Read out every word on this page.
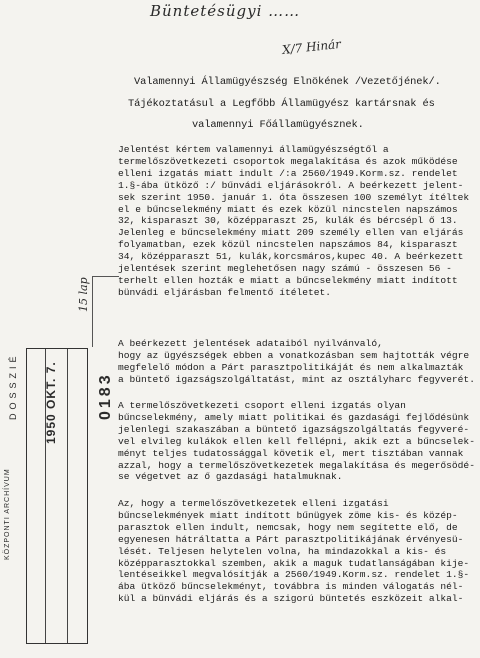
Büntetésügyi ……
X/7 Hinár
Valamennyi Államügyészség Elnökének /Vezetőjének/.
Tájékoztatásul a Legfőbb Államügyész kartársnak és
valamennyi Főállamügyésznek.
Jelentést kértem valamennyi államügyészségtől a
termelőszövetkezeti csoportok megalakítása és azok működése
elleni izgatás miatt indult /:a 2560/1949.Korm.sz. rendelet
1.§-ába ütköző :/ bűnvádi eljárásokról. A beérkezett jelent-
sek szerint 1950. január 1. óta összesen 100 személyt ítéltek
el e bűncselekmény miatt és ezek közül nincstelen napszámos
32, kisparaszt 30, középparaszt 25, kulák és bércsépl ő 13.
Jelenleg e bűncselekmény miatt 209 személy ellen van eljárás
folyamatban, ezek közül nincstelen napszámos 84, kisparaszt
34, középparaszt 51, kulák,korcsmáros,kupec 40. A beérkezett
jelentések szerint meglehetősen nagy számú - összesen 56 -
terhelt ellen hozták e miatt a bűncselekmény miatt indított
bünvádi eljárásban felmentő ítéletet.
A beérkezett jelentések adataiból nyilvánvaló,
hogy az ügyészségek ebben a vonatkozásban sem hajtották végre
megfelelő módon a Párt parasztpolitikáját és nem alkalmazták
a büntető igazságszolgáltatást, mint az osztályharc fegyverét.
A termelőszövetkezeti csoport elleni izgatás olyan
bűncselekmény, amely miatt politikai és gazdasági fejlődésünk
jelenlegi szakaszában a büntető igazságszolgáltatás fegyveré-
vel elvileg kulákok ellen kell fellépni, akik ezt a bűncselek-
ményt teljes tudatossággal követik el, mert tisztában vannak
azzal, hogy a termelőszövetkezetek megalakítása és megerősödé-
se végetvet az ő gazdasági hatalmuknak.
Az, hogy a termelőszövetkezetek elleni izgatási
bűncselekmények miatt indított bűnügyek zöme kis- és közép-
parasztok ellen indult, nemcsak, hogy nem segítette elő, de
egyenesen hátráltatta a Párt parasztpolitikájának érvényesü-
lését. Teljesen helytelen volna, ha mindazokkal a kis- és
középparasztokkal szemben, akik a maguk tudatlanságában kije-
lentéseikkel megvalósítják a 2560/1949.Korm.sz. rendelet 1.§-
ába ütköző bűncselekményt, továbbra is minden válogatás nél-
kül a bünvádi eljárás és a szigorú büntetés eszközeit alkal-
KÖZPONTI ARCHÍVUM
1950 OKT. 7. 0183
15 lap
DOSSZIÉ
